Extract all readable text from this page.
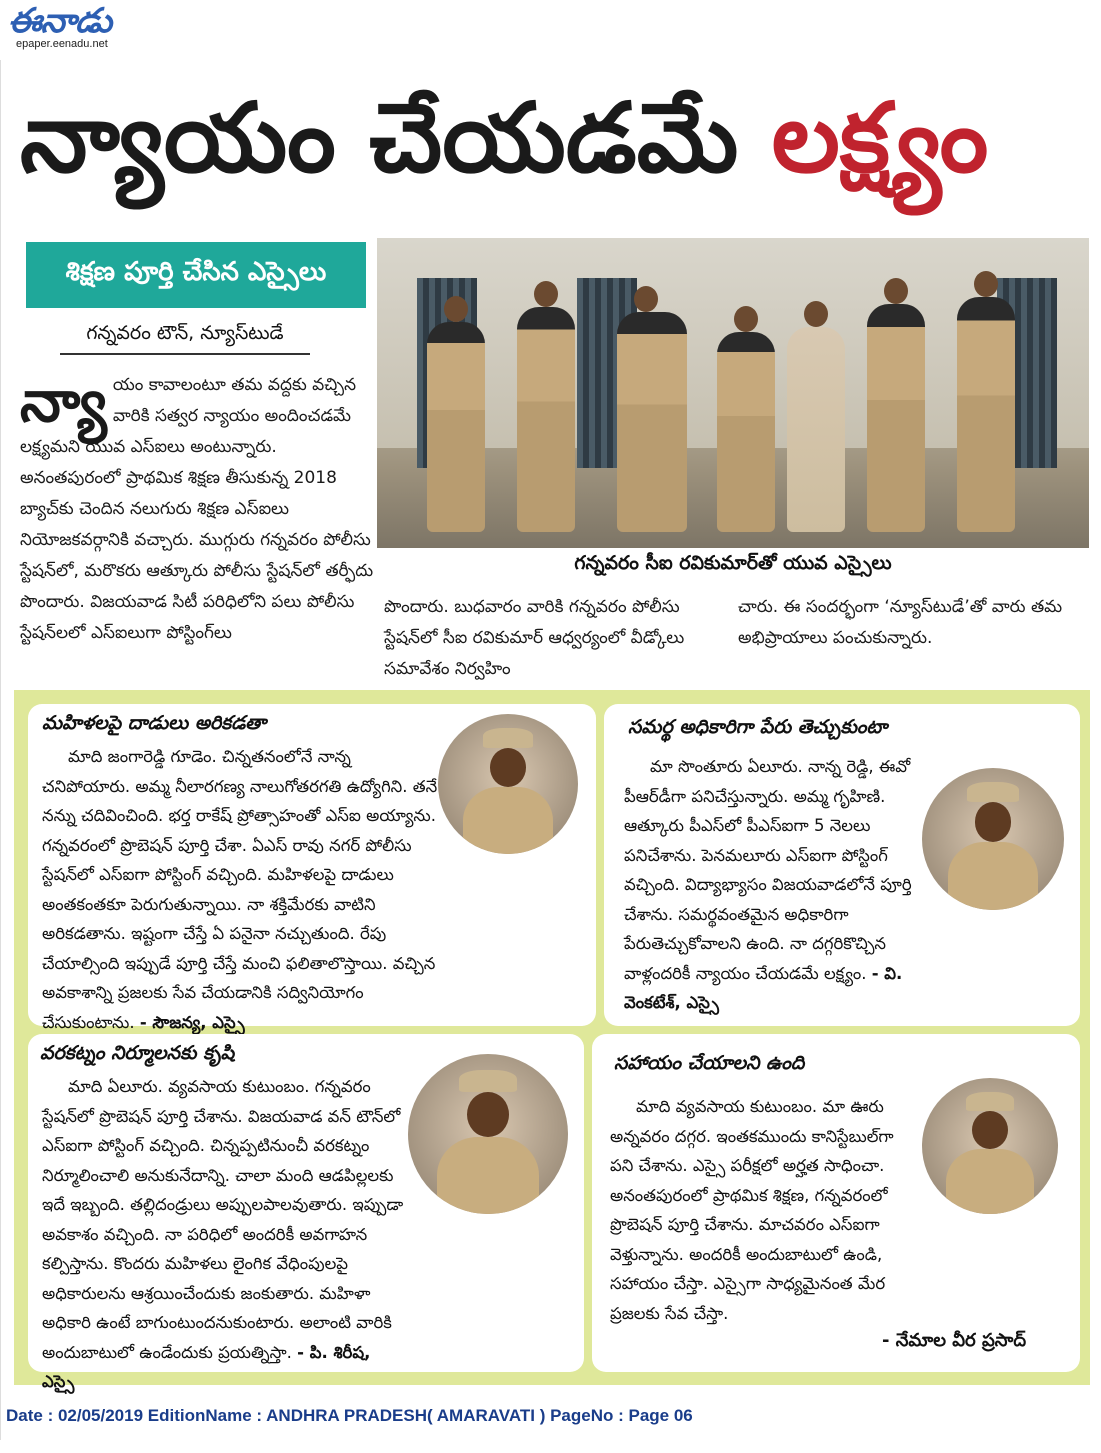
ఈనాడు
epaper.eenadu.net
న్యాయం చేయడమే లక్ష్యం
శిక్షణ పూర్తి చేసిన ఎస్సైలు
గన్నవరం టౌన్‌, న్యూస్‌టుడే
న్యా యం కావాలంటూ తమ వద్దకు వచ్చిన వారికి సత్వర న్యాయం అందించడమే లక్ష్యమని యువ ఎస్‌ఐలు అంటున్నారు. అనంతపురంలో ప్రాథమిక శిక్షణ తీసుకున్న 2018 బ్యాచ్‌కు చెందిన నలుగురు శిక్షణ ఎస్‌ఐలు నియోజకవర్గానికి వచ్చారు. ముగ్గురు గన్నవరం పోలీసు స్టేషన్‌లో, మరొకరు ఆత్కూరు పోలీసు స్టేషన్‌లో తర్ఫీదు పొందారు. విజయవాడ సిటీ పరిధిలోని పలు పోలీసు స్టేషన్‌లలో ఎస్‌ఐలుగా పోస్టింగ్‌లు
గన్నవరం సీఐ రవికుమార్‌తో యువ ఎస్సైలు
పొందారు. బుధవారం వారికి గన్నవరం పోలీసు స్టేషన్‌లో సీఐ రవికుమార్‌ ఆధ్వర్యంలో వీడ్కోలు సమావేశం నిర్వహిం
చారు. ఈ సందర్భంగా ‘న్యూస్‌టుడే’తో వారు తమ అభిప్రాయాలు పంచుకున్నారు.
మహిళలపై దాడులు అరికడతా
మాది జంగారెడ్డి గూడెం. చిన్నతనంలోనే నాన్న చనిపోయారు. అమ్మ నీలారగణ్య నాలుగోతరగతి ఉద్యోగిని. తనే నన్ను చదివించింది. భర్త రాకేష్‌ ప్రోత్సాహంతో ఎస్‌ఐ అయ్యాను. గన్నవరంలో ప్రొబెషన్‌ పూర్తి చేశా. ఏఎస్‌ రావు నగర్‌ పోలీసు స్టేషన్‌లో ఎస్‌ఐగా పోస్టింగ్‌ వచ్చింది. మహిళలపై దాడులు అంతకంతకూ పెరుగుతున్నాయి. నా శక్తిమేరకు వాటిని అరికడతాను. ఇష్టంగా చేస్తే ఏ పనైనా నచ్చుతుంది. రేపు చేయాల్సింది ఇప్పుడే పూర్తి చేస్తే మంచి ఫలితాలొస్తాయి. వచ్చిన అవకాశాన్ని ప్రజలకు సేవ చేయడానికి సద్వినియోగం చేసుకుంటాను. - సౌజన్య, ఎస్సై
సమర్థ అధికారిగా పేరు తెచ్చుకుంటా
మా సొంతూరు ఏలూరు. నాన్న రెడ్డి, ఈవో పీఆర్‌డీగా పనిచేస్తున్నారు. అమ్మ గృహిణి. ఆత్కూరు పీఎస్‌లో పీఎస్‌ఐగా 5 నెలలు పనిచేశాను. పెనమలూరు ఎస్‌ఐగా పోస్టింగ్‌ వచ్చింది. విద్యాభ్యాసం విజయవాడలోనే పూర్తి చేశాను. సమర్థవంతమైన అధికారిగా పేరుతెచ్చుకోవాలని ఉంది. నా దగ్గరికొచ్చిన వాళ్లందరికీ న్యాయం చేయడమే లక్ష్యం. - వి. వెంకటేశ్‌, ఎస్సై
వరకట్నం నిర్మూలనకు కృషి
మాది ఏలూరు. వ్యవసాయ కుటుంబం. గన్నవరం స్టేషన్‌లో ప్రొబెషన్‌ పూర్తి చేశాను. విజయవాడ వన్‌ టౌన్‌లో ఎస్‌ఐగా పోస్టింగ్‌ వచ్చింది. చిన్నప్పటినుంచీ వరకట్నం నిర్మూలించాలి అనుకునేదాన్ని. చాలా మంది ఆడపిల్లలకు ఇదే ఇబ్బంది. తల్లిదండ్రులు అప్పులపాలవుతారు. ఇప్పుడా అవకాశం వచ్చింది. నా పరిధిలో అందరికీ అవగాహన కల్పిస్తాను. కొందరు మహిళలు లైంగిక వేధింపులపై అధికారులను ఆశ్రయించేందుకు జంకుతారు. మహిళా అధికారి ఉంటే బాగుంటుందనుకుంటారు. అలాంటి వారికి అందుబాటులో ఉండేందుకు ప్రయత్నిస్తా. - పి. శిరీష, ఎస్సై
సహాయం చేయాలని ఉంది
మాది వ్యవసాయ కుటుంబం. మా ఊరు అన్నవరం దగ్గర. ఇంతకముందు కానిస్టేబుల్‌గా పని చేశాను. ఎస్సై పరీక్షలో అర్హత సాధించా. అనంతపురంలో ప్రాథమిక శిక్షణ, గన్నవరంలో ప్రొబెషన్‌ పూర్తి చేశాను. మాచవరం ఎస్‌ఐగా వెళ్తున్నాను. అందరికీ అందుబాటులో ఉండి, సహాయం చేస్తా. ఎస్సైగా సాధ్యమైనంత మేర ప్రజలకు సేవ చేస్తా.
- నేమాల వీర ప్రసాద్‌
Date : 02/05/2019 EditionName : ANDHRA PRADESH( AMARAVATI ) PageNo : Page 06
